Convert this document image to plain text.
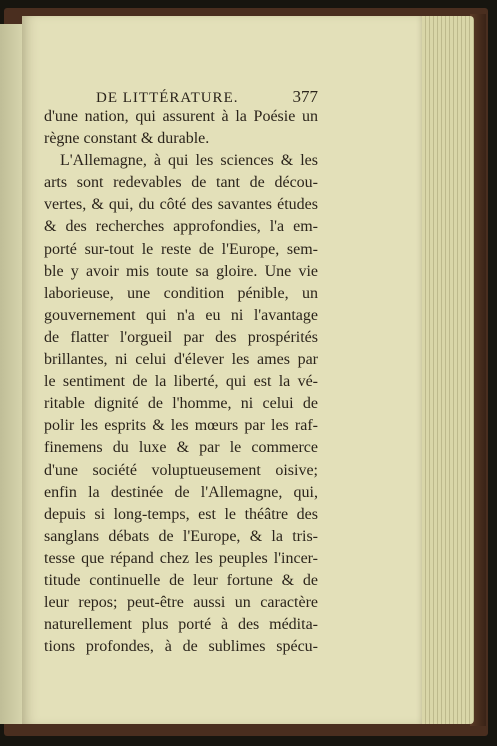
DE LITTÉRATURE.	377
d'une nation, qui assurent à la Poésie un
règne constant & durable.
L'Allemagne, à qui les sciences & les
arts sont redevables de tant de décou-
vertes, & qui, du côté des savantes études
& des recherches approfondies, l'a em-
porté sur-tout le reste de l'Europe, sem-
ble y avoir mis toute sa gloire. Une vie
laborieuse, une condition pénible, un
gouvernement qui n'a eu ni l'avantage
de flatter l'orgueil par des prospérités
brillantes, ni celui d'élever les ames par
le sentiment de la liberté, qui est la vé-
ritable dignité de l'homme, ni celui de
polir les esprits & les mœurs par les raf-
finemens du luxe & par le commerce
d'une société voluptueusement oisive;
enfin la destinée de l'Allemagne, qui,
depuis si long-temps, est le théâtre des
sanglans débats de l'Europe, & la tris-
tesse que répand chez les peuples l'incer-
titude continuelle de leur fortune & de
leur repos; peut-être aussi un caractère
naturellement plus porté à des médita-
tions profondes, à de sublimes spécu-
